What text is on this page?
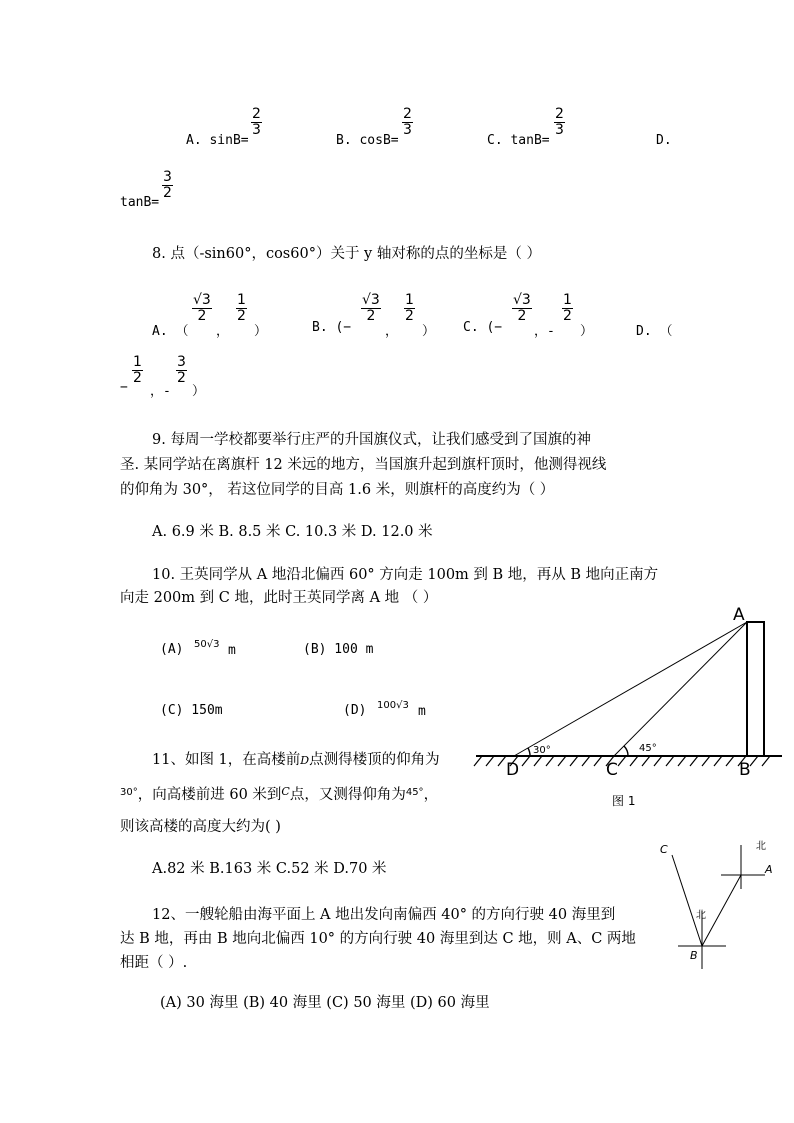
A. sinB=
$\frac{2}{3}$
B. cosB=
$\frac{2}{3}$
C. tanB=
$\frac{2}{3}$
D.
tanB=
$\frac{3}{2}$
8. 点（-sin60°，cos60°）关于 y 轴对称的点的坐标是（ ）
A. （
$\frac{√3}{2}$
，
$\frac{1}{2}$
）	B. (−
$\frac{√3}{2}$
，
$\frac{1}{2}$
） C. (−
$\frac{√3}{2}$
，-
$\frac{1}{2}$
）	D. （
−
$\frac{1}{2}$
，-
$\frac{3}{2}$
）
9. 每周一学校都要举行庄严的升国旗仪式，让我们感受到了国旗的神
圣. 某同学站在离旗杆 12 米远的地方，当国旗升起到旗杆顶时，他测得视线
的仰角为 30°， 若这位同学的目高 1.6 米，则旗杆的高度约为（ ）
A. 6.9 米 B. 8.5 米 C. 10.3 米 D. 12.0 米
10. 王英同学从 A 地沿北偏西 60° 方向走 100m 到 B 地，再从 B 地向正南方
向走 200m 到 C 地，此时王英同学离 A 地 （ ）
(A) 50√3 m	(B) 100 m
(C) 150m	(D) 100√3 m
11、如图 1，在高楼前D点测得楼顶的仰角为
$^{30^\circ}$，向高楼前进 60 米到$^C$点，又测得仰角为$^{45^\circ}$，
则该高楼的高度大约为( )
A.82 米 B.163 米 C.52 米 D.70 米
A
B
C
D
30°	45°
图 1
12、一艘轮船由海平面上 A 地出发向南偏西 40° 的方向行驶 40 海里到
达 B 地，再由 B 地向北偏西 10° 的方向行驶 40 海里到达 C 地，则 A、C 两地
相距（ ）.
(A) 30 海里 (B) 40 海里 (C) 50 海里 (D) 60 海里
C
A
B
北
北
